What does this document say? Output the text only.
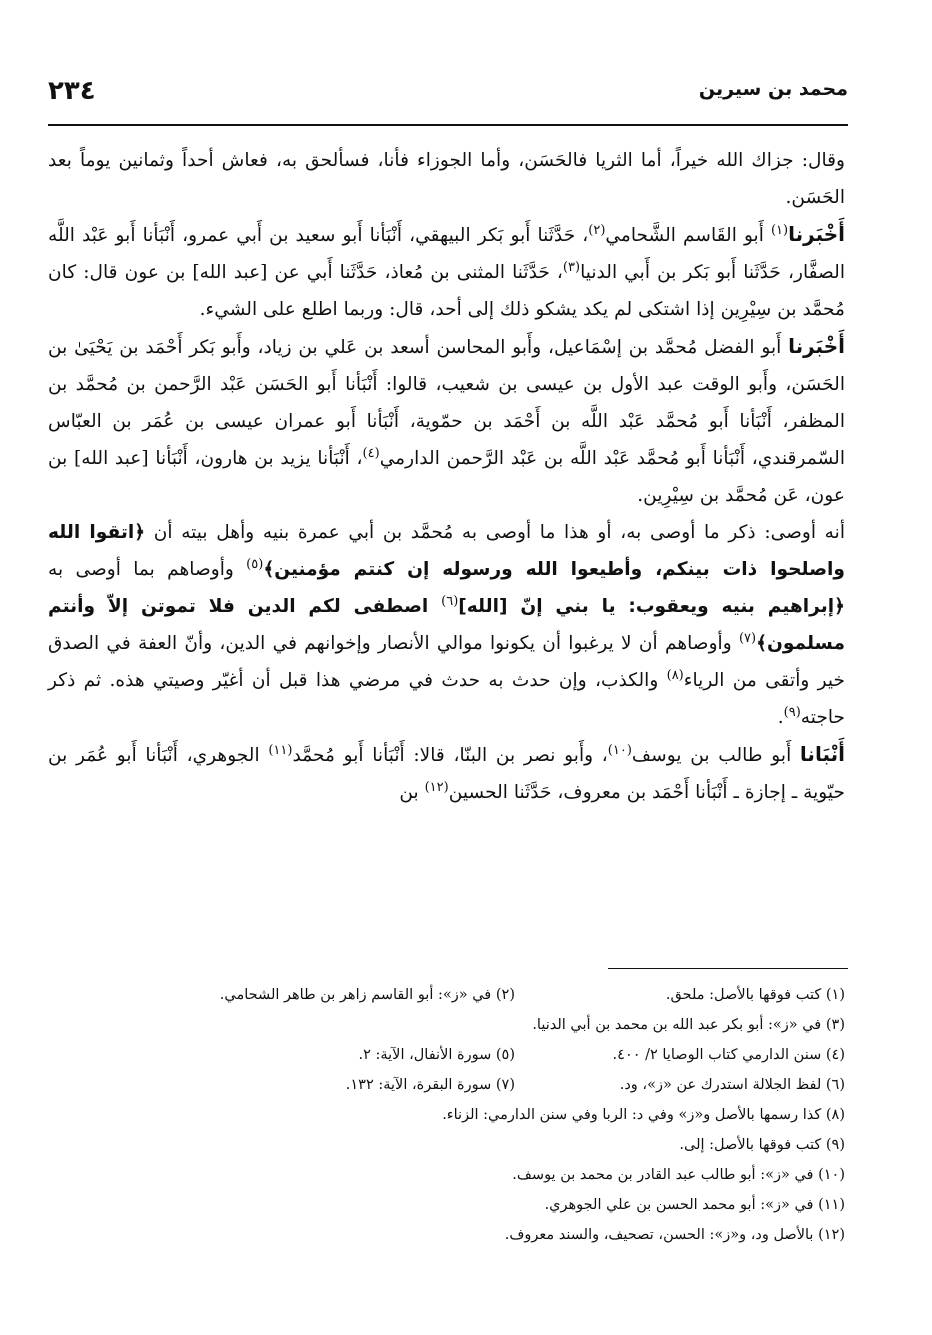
٢٣٤	محمد بن سيرين

وقال: جزاك الله خيراً، أما الثريا فالحَسَن، وأما الجوزاء فأنا، فسألحق به، فعاش أحداً وثمانين يوماً بعد الحَسَن.

أَخْبَرنا$^{(١)}$ أَبو القَاسم الشَّحامي$^{(٢)}$، حَدَّثَنا أَبو بَكر البيهقي، أَنْبَأنا أَبو سعيد بن أَبي عمرو، أَنْبَأنا أَبو عَبْد اللَّه الصفَّار، حَدَّثَنا أَبو بَكر بن أَبي الدنيا$^{(٣)}$، حَدَّثَنا المثنى بن مُعاذ، حَدَّثَنا أَبي عن [عبد الله] بن عون قال: كان مُحمَّد بن سِيْرِين إذا اشتكى لم يكد يشكو ذلك إلى أحد، قال: وربما اطلع على الشيء.

أَخْبَرنا أَبو الفضل مُحمَّد بن إسْمَاعيل، وأَبو المحاسن أسعد بن عَلي بن زياد، وأَبو بَكر أَحْمَد بن يَحْيَىٰ بن الحَسَن، وأَبو الوقت عبد الأول بن عيسى بن شعيب، قالوا: أَنْبَأنا أَبو الحَسَن عَبْد الرَّحمن بن مُحمَّد بن المظفر، أَنْبَأنا أَبو مُحمَّد عَبْد اللَّه بن أَحْمَد بن حمّوية، أَنْبَأنا أَبو عمران عيسى بن عُمَر بن العبّاس السّمرقندي، أَنْبَأنا أَبو مُحمَّد عَبْد اللَّه بن عَبْد الرَّحمن الدارمي$^{(٤)}$، أَنْبَأنا يزيد بن هارون، أَنْبَأنا [عبد الله] بن عون، عَن مُحمَّد بن سِيْرِين.

أنه أوصى: ذكر ما أوصى به، أو هذا ما أوصى به مُحمَّد بن أبي عمرة بنيه وأهل بيته أن ﴿اتقوا الله واصلحوا ذات بينكم، وأطيعوا الله ورسوله إن كنتم مؤمنين﴾$^{(٥)}$ وأوصاهم بما أوصى به ﴿إبراهيم بنيه ويعقوب: يا بني إنّ [الله]$^{(٦)}$ اصطفى لكم الدين فلا تموتن إلاّ وأنتم مسلمون﴾$^{(٧)}$ وأوصاهم أن لا يرغبوا أن يكونوا موالي الأنصار وإخوانهم في الدين، وأنّ العفة في الصدق خير وأتقى من الرياء$^{(٨)}$ والكذب، وإن حدث به حدث في مرضي هذا قبل أن أغيّر وصيتي هذه. ثم ذكر حاجته$^{(٩)}$.

أَنْبَانا أَبو طالب بن يوسف$^{(١٠)}$، وأَبو نصر بن البنّا، قالا: أَنْبَأنا أَبو مُحمَّد$^{(١١)}$ الجوهري، أَنْبَأنا أَبو عُمَر بن حيّوية ـ إجازة ـ أَنْبَأنا أَحْمَد بن معروف، حَدَّثَنا الحسين$^{(١٢)}$ بن

(١) كتب فوقها بالأصل: ملحق.
(٢) في «ز»: أبو القاسم زاهر بن طاهر الشحامي.
(٣) في «ز»: أبو بكر عبد الله بن محمد بن أبي الدنيا.
(٤) سنن الدارمي كتاب الوصايا ٢/ ٤٠٠.
(٥) سورة الأنفال، الآية: ٢.
(٦) لفظ الجلالة استدرك عن «ز»، ود.
(٧) سورة البقرة، الآية: ١٣٢.
(٨) كذا رسمها بالأصل و«ز» وفي د: الربا وفي سنن الدارمي: الزناء.
(٩) كتب فوقها بالأصل: إلى.
(١٠) في «ز»: أبو طالب عبد القادر بن محمد بن يوسف.
(١١) في «ز»: أبو محمد الحسن بن علي الجوهري.
(١٢) بالأصل ود، و«ز»: الحسن، تصحيف، والسند معروف.
